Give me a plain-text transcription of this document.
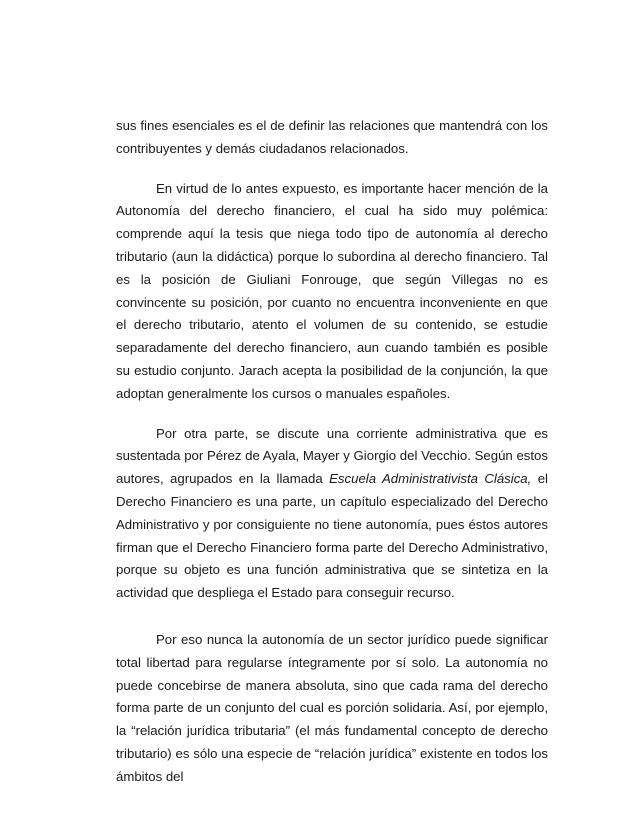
sus fines esenciales es el de definir las relaciones que mantendrá con los contribuyentes y demás ciudadanos relacionados.

En virtud de lo antes expuesto, es importante hacer mención de la Autonomía del derecho financiero, el cual ha sido muy polémica: comprende aquí la tesis que niega todo tipo de autonomía al derecho tributario (aun la didáctica) porque lo subordina al derecho financiero. Tal es la posición de Giuliani Fonrouge, que según Villegas no es convincente su posición, por cuanto no encuentra inconveniente en que el derecho tributario, atento el volumen de su contenido, se estudie separadamente del derecho financiero, aun cuando también es posible su estudio conjunto. Jarach acepta la posibilidad de la conjunción, la que adoptan generalmente los cursos o manuales españoles.

Por otra parte, se discute una corriente administrativa que es sustentada por Pérez de Ayala, Mayer y Giorgio del Vecchio. Según estos autores, agrupados en la llamada Escuela Administrativista Clásica, el Derecho Financiero es una parte, un capítulo especializado del Derecho Administrativo y por consiguiente no tiene autonomía, pues éstos autores firman que el Derecho Financiero forma parte del Derecho Administrativo, porque su objeto es una función administrativa que se sintetiza en la actividad que despliega el Estado para conseguir recurso.

Por eso nunca la autonomía de un sector jurídico puede significar total libertad para regularse íntegramente por sí solo. La autonomía no puede concebirse de manera absoluta, sino que cada rama del derecho forma parte de un conjunto del cual es porción solidaria. Así, por ejemplo, la “relación jurídica tributaria” (el más fundamental concepto de derecho tributario) es sólo una especie de “relación jurídica” existente en todos los ámbitos del
